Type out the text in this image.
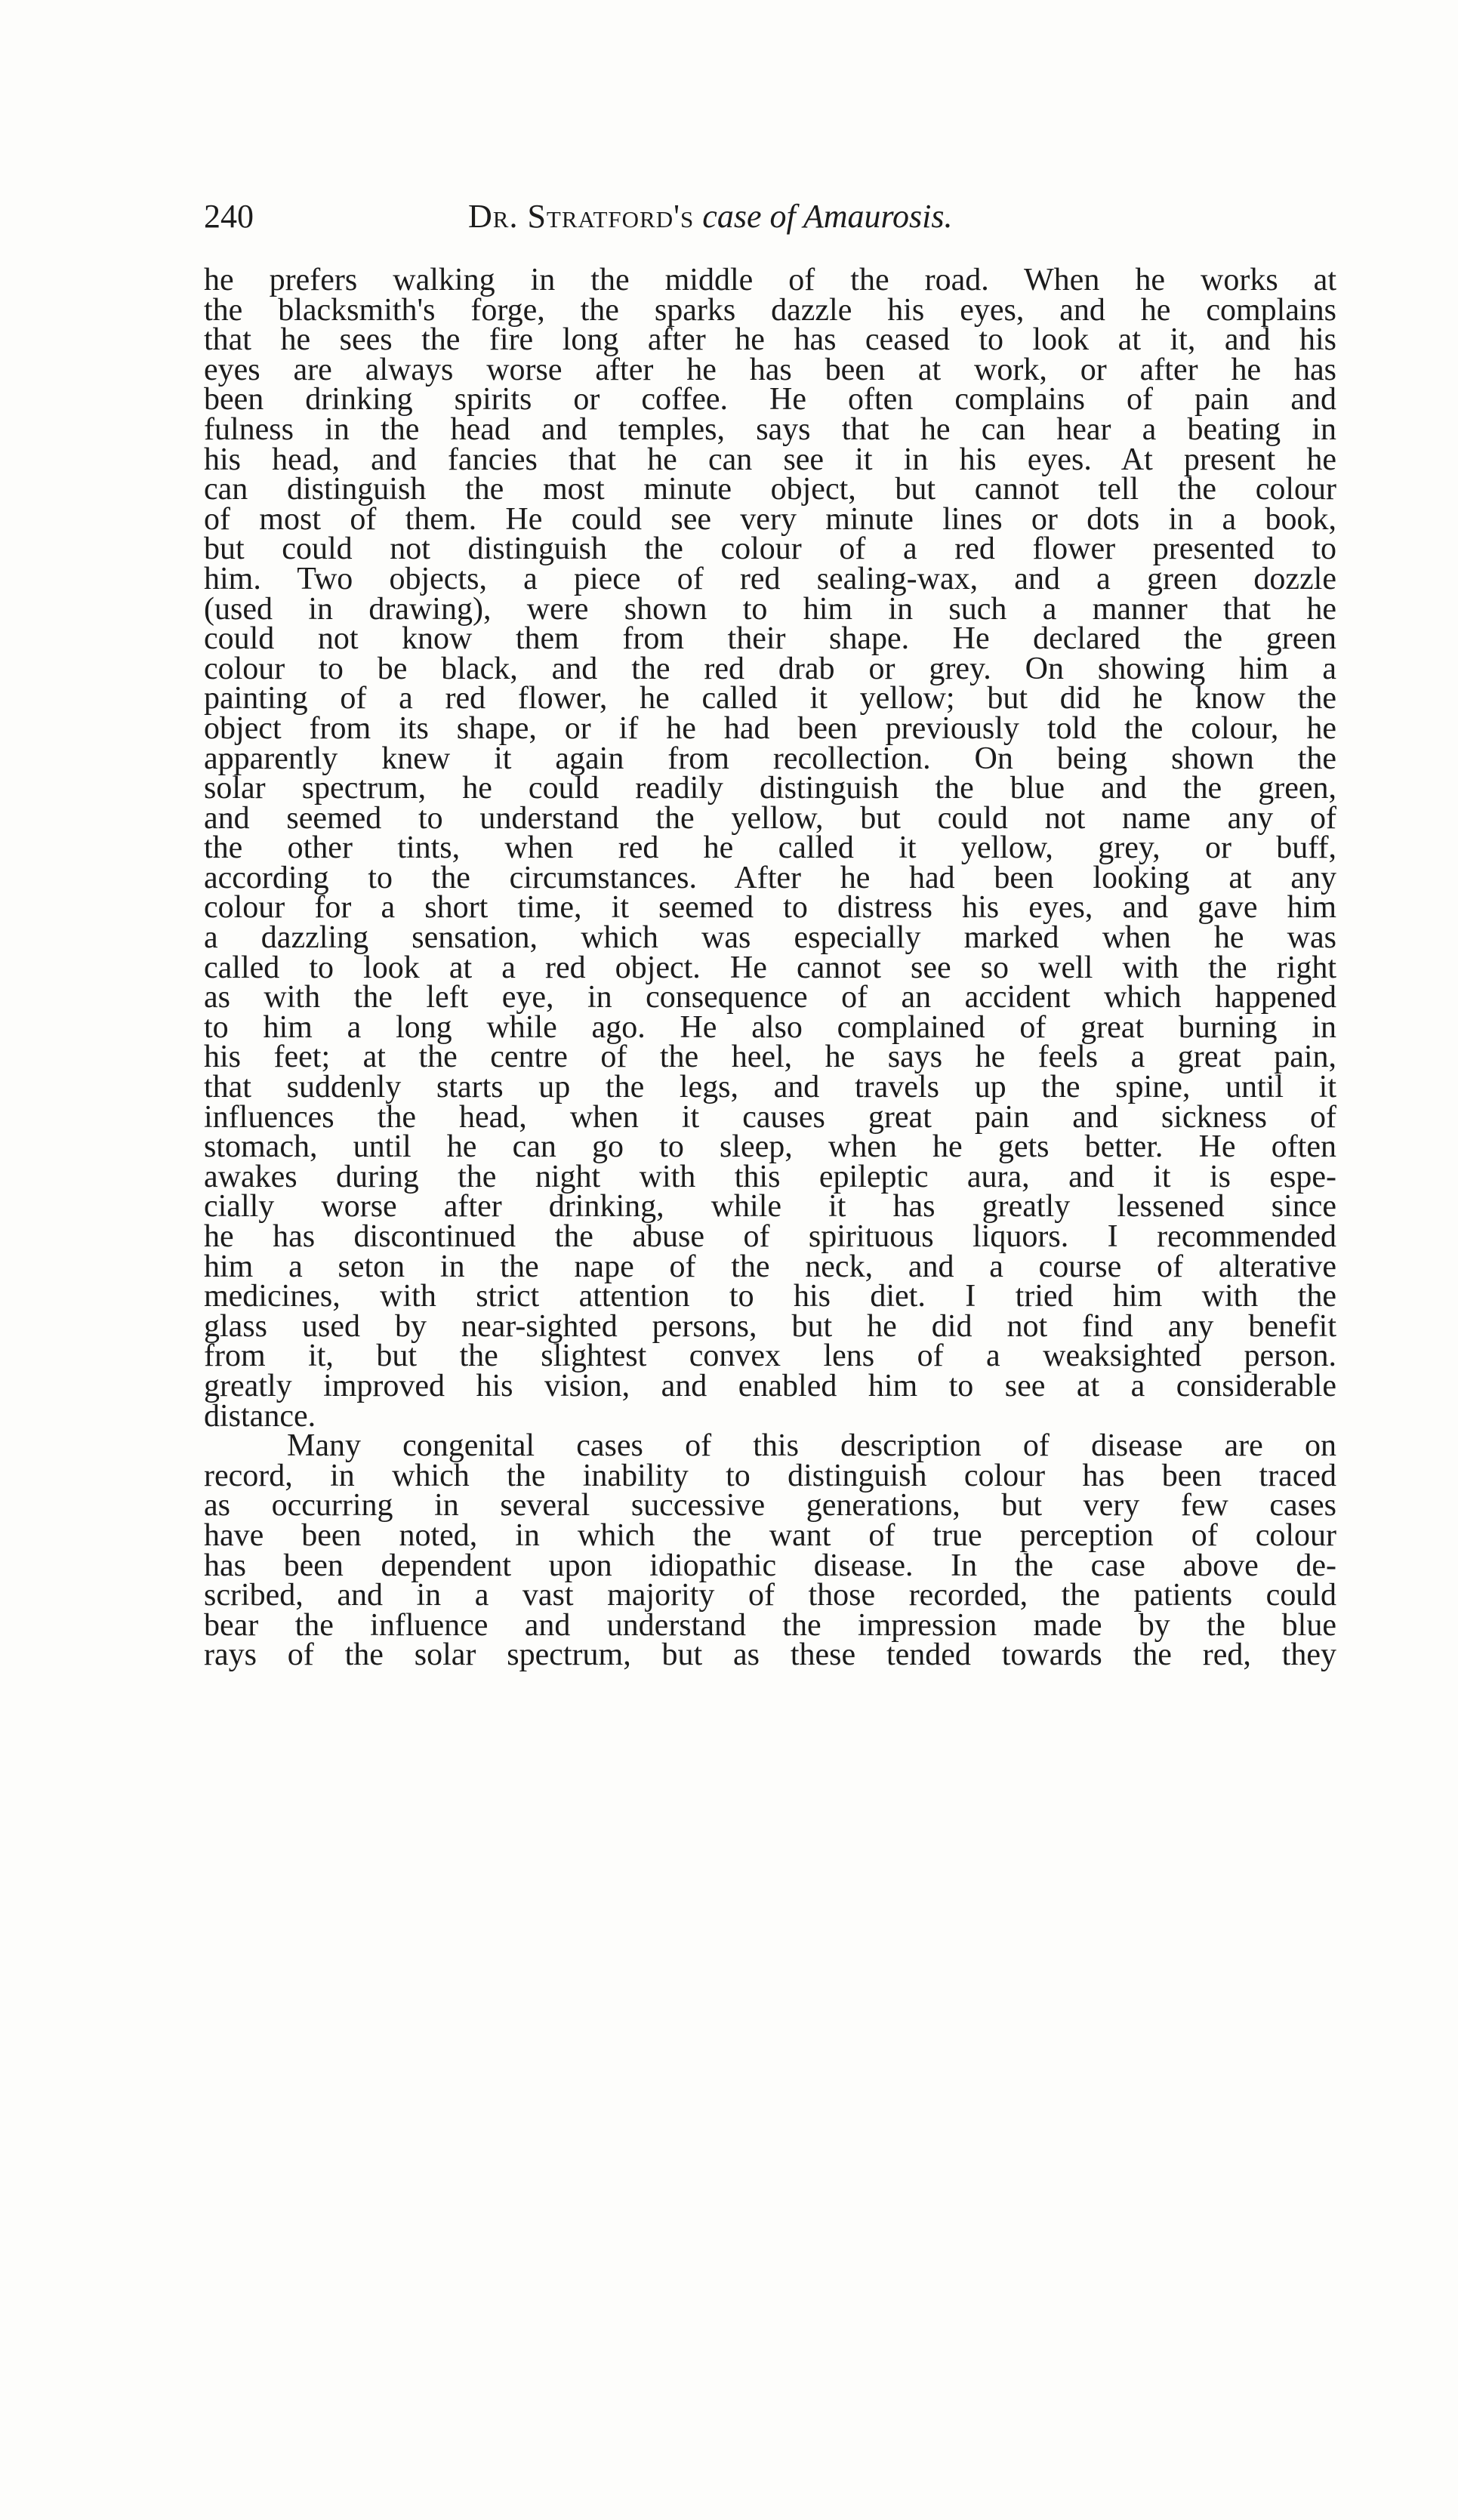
240	Dr. Stratford's case of Amaurosis.
he prefers walking in the middle of the road. When he works at
the blacksmith's forge, the sparks dazzle his eyes, and he complains
that he sees the fire long after he has ceased to look at it, and his
eyes are always worse after he has been at work, or after he has
been drinking spirits or coffee. He often complains of pain and
fulness in the head and temples, says that he can hear a beating in
his head, and fancies that he can see it in his eyes. At present he
can distinguish the most minute object, but cannot tell the colour
of most of them. He could see very minute lines or dots in a book,
but could not distinguish the colour of a red flower presented to
him. Two objects, a piece of red sealing-wax, and a green dozzle
(used in drawing), were shown to him in such a manner that he
could not know them from their shape. He declared the green
colour to be black, and the red drab or grey. On showing him a
painting of a red flower, he called it yellow; but did he know the
object from its shape, or if he had been previously told the colour, he
apparently knew it again from recollection. On being shown the
solar spectrum, he could readily distinguish the blue and the green,
and seemed to understand the yellow, but could not name any of
the other tints, when red he called it yellow, grey, or buff,
according to the circumstances. After he had been looking at any
colour for a short time, it seemed to distress his eyes, and gave him
a dazzling sensation, which was especially marked when he was
called to look at a red object. He cannot see so well with the right
as with the left eye, in consequence of an accident which happened
to him a long while ago. He also complained of great burning in
his feet; at the centre of the heel, he says he feels a great pain,
that suddenly starts up the legs, and travels up the spine, until it
influences the head, when it causes great pain and sickness of
stomach, until he can go to sleep, when he gets better. He often
awakes during the night with this epileptic aura, and it is espe-
cially worse after drinking, while it has greatly lessened since
he has discontinued the abuse of spirituous liquors. I recommended
him a seton in the nape of the neck, and a course of alterative
medicines, with strict attention to his diet. I tried him with the
glass used by near-sighted persons, but he did not find any benefit
from it, but the slightest convex lens of a weaksighted person.
greatly improved his vision, and enabled him to see at a considerable
distance.
Many congenital cases of this description of disease are on
record, in which the inability to distinguish colour has been traced
as occurring in several successive generations, but very few cases
have been noted, in which the want of true perception of colour
has been dependent upon idiopathic disease. In the case above de-
scribed, and in a vast majority of those recorded, the patients could
bear the influence and understand the impression made by the blue
rays of the solar spectrum, but as these tended towards the red, they
